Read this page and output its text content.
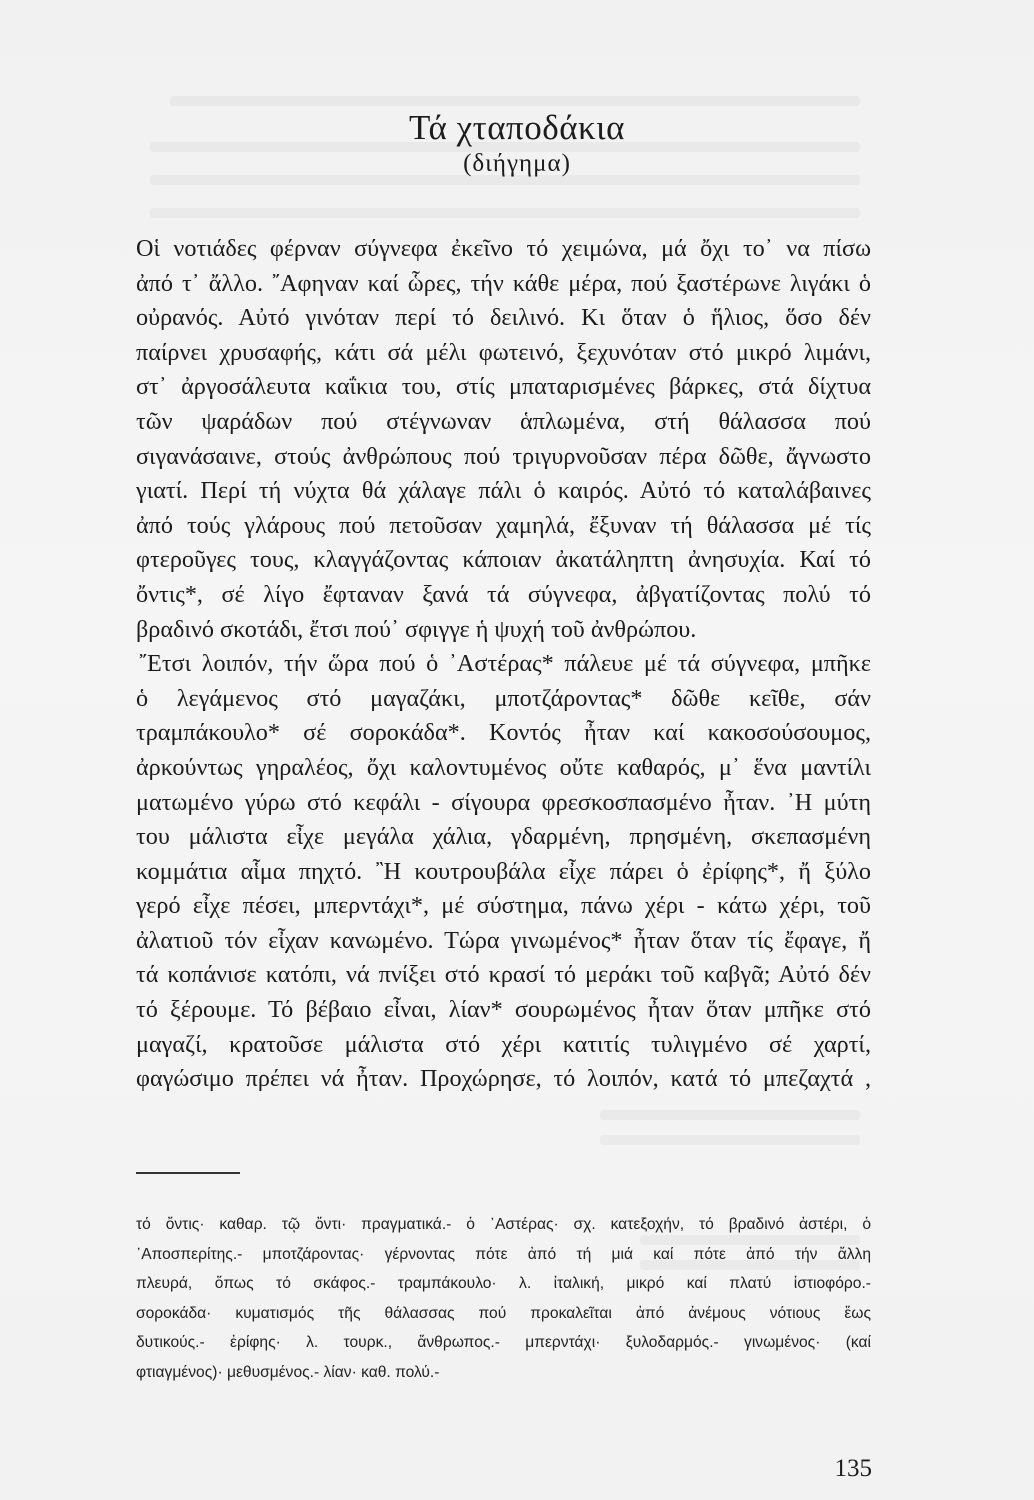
Τά χταποδάκια
(διήγημα)
Οἱ νοτιάδες φέρναν σύγνεφα ἐκεῖνο τό χειμώνα, μά ὄχι το᾽ να πίσω
ἀπό τ᾽ ἄλλο. ῎Αφηναν καί ὧρες, τήν κάθε μέρα, πού ξαστέρωνε λιγάκι ὁ
οὐρανός. Αὐτό γινόταν περί τό δειλινό. Κι ὅταν ὁ ἥλιος, ὅσο δέν
παίρνει χρυσαφής, κάτι σά μέλι φωτεινό, ξεχυνόταν στό μικρό λιμάνι,
στ᾽ ἀργοσάλευτα καΐκια του, στίς μπαταρισμένες βάρκες, στά δίχτυα
τῶν ψαράδων πού στέγνωναν ἁπλωμένα, στή θάλασσα πού
σιγανάσαινε, στούς ἀνθρώπους πού τριγυρνοῦσαν πέρα δῶθε, ἄγνωστο
γιατί. Περί τή νύχτα θά χάλαγε πάλι ὁ καιρός. Αὐτό τό καταλάβαινες
ἀπό τούς γλάρους πού πετοῦσαν χαμηλά, ἔξυναν τή θάλασσα μέ τίς
φτεροῦγες τους, κλαγγάζοντας κάποιαν ἀκατάληπτη ἀνησυχία. Καί τό
ὄντις*, σέ λίγο ἔφταναν ξανά τά σύγνεφα, ἀβγατίζοντας πολύ τό
βραδινό σκοτάδι, ἔτσι πού᾽ σφιγγε ἡ ψυχή τοῦ ἀνθρώπου.
῎Ετσι λοιπόν, τήν ὥρα πού ὁ ᾽Αστέρας* πάλευε μέ τά σύγνεφα, μπῆκε
ὁ λεγάμενος στό μαγαζάκι, μποτζάροντας* δῶθε κεῖθε, σάν
τραμπάκουλο* σέ σοροκάδα*. Κοντός ἦταν καί κακοσούσουμος,
ἀρκούντως γηραλέος, ὄχι καλοντυμένος οὔτε καθαρός, μ᾽ ἕνα μαντίλι
ματωμένο γύρω στό κεφάλι - σίγουρα φρεσκοσπασμένο ἦταν. ᾽Η μύτη
του μάλιστα εἶχε μεγάλα χάλια, γδαρμένη, πρησμένη, σκεπασμένη
κομμάτια αἷμα πηχτό. ῍Η κουτρουβάλα εἶχε πάρει ὁ ἐρίφης*, ἤ ξύλο
γερό εἶχε πέσει, μπερντάχι*, μέ σύστημα, πάνω χέρι - κάτω χέρι, τοῦ
ἀλατιοῦ τόν εἶχαν κανωμένο. Τώρα γινωμένος* ἦταν ὅταν τίς ἔφαγε, ἤ
τά κοπάνισε κατόπι, νά πνίξει στό κρασί τό μεράκι τοῦ καβγᾶ; Αὐτό δέν
τό ξέρουμε. Τό βέβαιο εἶναι, λίαν* σουρωμένος ἦταν ὅταν μπῆκε στό
μαγαζί, κρατοῦσε μάλιστα στό χέρι κατιτίς τυλιγμένο σέ χαρτί,
φαγώσιμο πρέπει νά ἦταν. Προχώρησε, τό λοιπόν, κατά τό μπεζαχτά ,
τό ὄντις· καθαρ. τῷ ὄντι· πραγματικά.- ὁ ᾽Αστέρας· σχ. κατεξοχήν, τό βραδινό ἀστέρι, ὁ
᾽Αποσπερίτης.- μποτζάροντας· γέρνοντας πότε ἀπό τή μιά καί πότε ἀπό τήν ἄλλη
πλευρά, ὅπως τό σκάφος.- τραμπάκουλο· λ. ἰταλική, μικρό καί πλατύ ἱστιοφόρο.-
σοροκάδα· κυματισμός τῆς θάλασσας πού προκαλεῖται ἀπό ἀνέμους νότιους ἕως
δυτικούς.- ἐρίφης· λ. τουρκ., ἄνθρωπος.- μπερντάχι· ξυλοδαρμός.- γινωμένος· (καί
φτιαγμένος)· μεθυσμένος.- λίαν· καθ. πολύ.-
135
